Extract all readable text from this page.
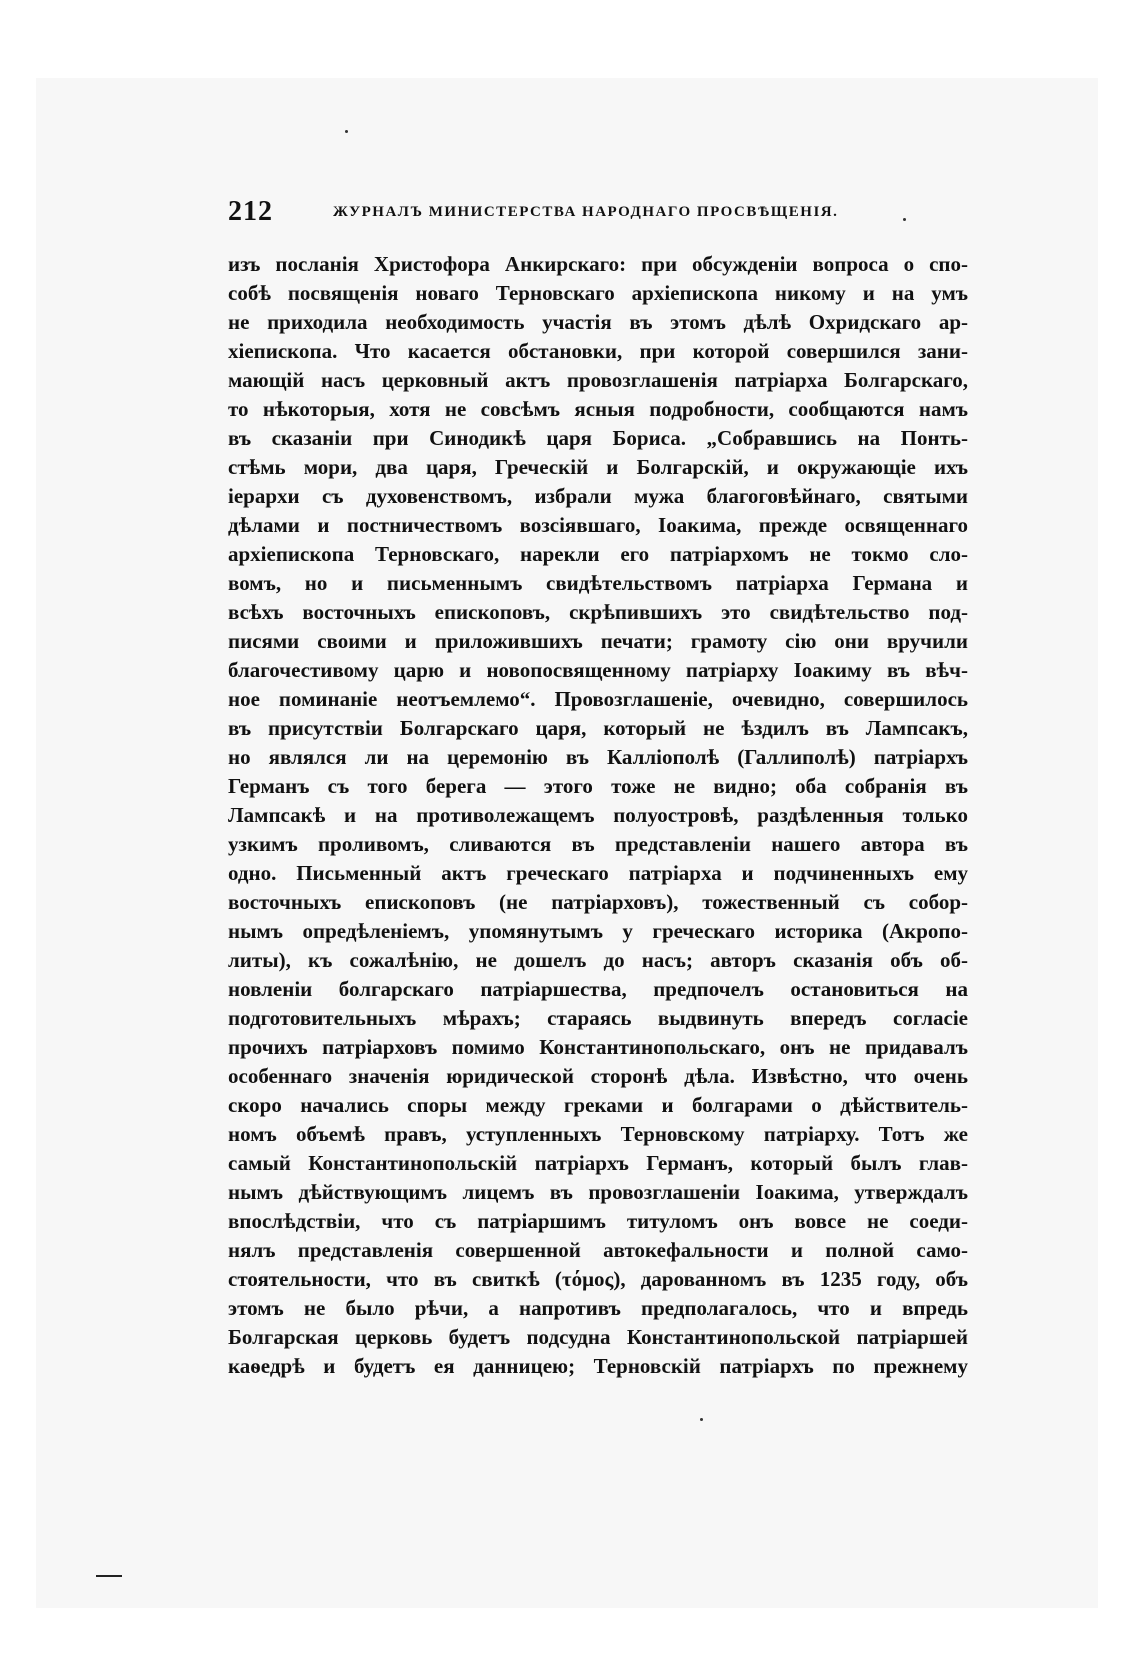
212	ЖУРНАЛЪ МИНИСТЕРСТВА НАРОДНАГО ПРОСВѢЩЕНІЯ.
изъ посланія Христофора Анкирскаго: при обсужденіи вопроса о спо-
собѣ посвященія новаго Терновскаго архіепископа никому и на умъ
не приходила необходимость участія въ этомъ дѣлѣ Охридскаго ар-
хіепископа. Что касается обстановки, при которой совершился зани-
мающій насъ церковный актъ провозглашенія патріарха Болгарскаго,
то нѣкоторыя, хотя не совсѣмъ ясныя подробности, сообщаются намъ
въ сказаніи при Синодикѣ царя Бориса. „Собравшись на Понть-
стѣмь мори, два царя, Греческій и Болгарскій, и окружающіе ихъ
іерархи съ духовенствомъ, избрали мужа благоговѣйнаго, святыми
дѣлами и постничествомъ возсіявшаго, Іоакима, прежде освященнаго
архіепископа Терновскаго, нарекли его патріархомъ не токмо сло-
вомъ, но и письменнымъ свидѣтельствомъ патріарха Германа и
всѣхъ восточныхъ епископовъ, скрѣпившихъ это свидѣтельство под-
писями своими и приложившихъ печати; грамоту сію они вручили
благочестивому царю и новопосвященному патріарху Іоакиму въ вѣч-
ное поминаніе неотъемлемо“. Провозглашеніе, очевидно, совершилось
въ присутствіи Болгарскаго царя, который не ѣздилъ въ Лампсакъ,
но являлся ли на церемонію въ Калліополѣ (Галлиполѣ) патріархъ
Германъ съ того берега — этого тоже не видно; оба собранія въ
Лампсакѣ и на противолежащемъ полуостровѣ, раздѣленныя только
узкимъ проливомъ, сливаются въ представленіи нашего автора въ
одно. Письменный актъ греческаго патріарха и подчиненныхъ ему
восточныхъ епископовъ (не патріарховъ), тожественный съ собор-
нымъ опредѣленіемъ, упомянутымъ у греческаго историка (Акропо-
литы), къ сожалѣнію, не дошелъ до насъ; авторъ сказанія объ об-
новленіи болгарскаго патріаршества, предпочелъ остановиться на
подготовительныхъ мѣрахъ; стараясь выдвинуть впередъ согласіе
прочихъ патріарховъ помимо Константинопольскаго, онъ не придавалъ
особеннаго значенія юридической сторонѣ дѣла. Извѣстно, что очень
скоро начались споры между греками и болгарами о дѣйствитель-
номъ объемѣ правъ, уступленныхъ Терновскому патріарху. Тотъ же
самый Константинопольскій патріархъ Германъ, который былъ глав-
нымъ дѣйствующимъ лицемъ въ провозглашеніи Іоакима, утверждалъ
впослѣдствіи, что съ патріаршимъ титуломъ онъ вовсе не соеди-
нялъ представленія совершенной автокефальности и полной само-
стоятельности, что въ свиткѣ (τόμος), дарованномъ въ 1235 году, объ
этомъ не было рѣчи, а напротивъ предполагалось, что и впредь
Болгарская церковь будетъ подсудна Константинопольской патріаршей
каѳедрѣ и будетъ ея данницею; Терновскій патріархъ по прежнему
